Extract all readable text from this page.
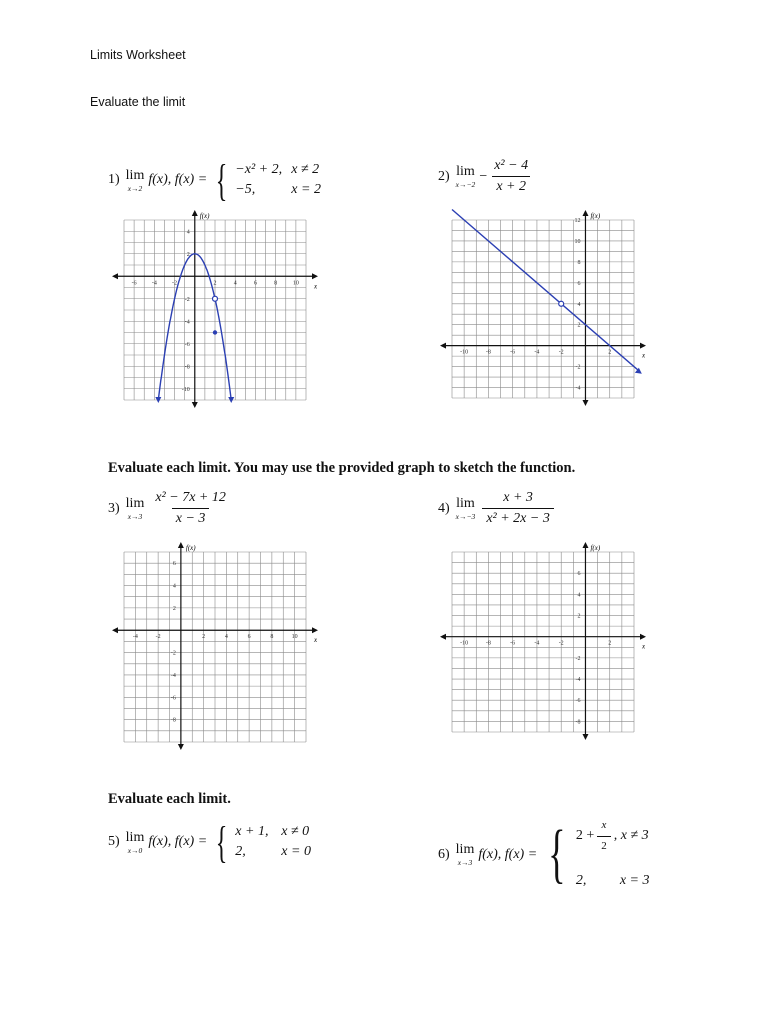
Limits Worksheet
Evaluate the limit
1) lim
x→2
f(x), f(x) = { −x² + 2, x ≠ 2
−5,	x = 2
2) lim
x→−2
− $\frac{\text{x² − 4}}{x + 2}$
x
f(x)
-6	-4	-2	2	4	6	8	10
4
2
-2
-4
-6
-8
-10
x
f(x)
-10	-8	-6	-4	-2	2
12
10
8
6
4
2
-2
-4
Evaluate each limit. You may use the provided graph to sketch the function.
3) lim
$x\to 3 \frac{\text{x² − 7x + 12}}{x - 3}$	4) lim
$x\to-3 \frac{x + 3}{\text{x² + 2x − 3}}$
x
f(x)
-4	-2	2	4	6	8	10
6
4
2
-2
-4
-6
-8
x
f(x)
-10	-8	-6	-4	-2	2
6
4
2
-2
-4
-6
-8
Evaluate each limit.
5) lim
x→0
f(x), f(x) = { x + 1, x ≠ 0
2,	x = 0	6) lim
x→3
f(x), f(x) = { $2 + \frac{x}{2}$ , x ≠ 3
2,	x = 3
